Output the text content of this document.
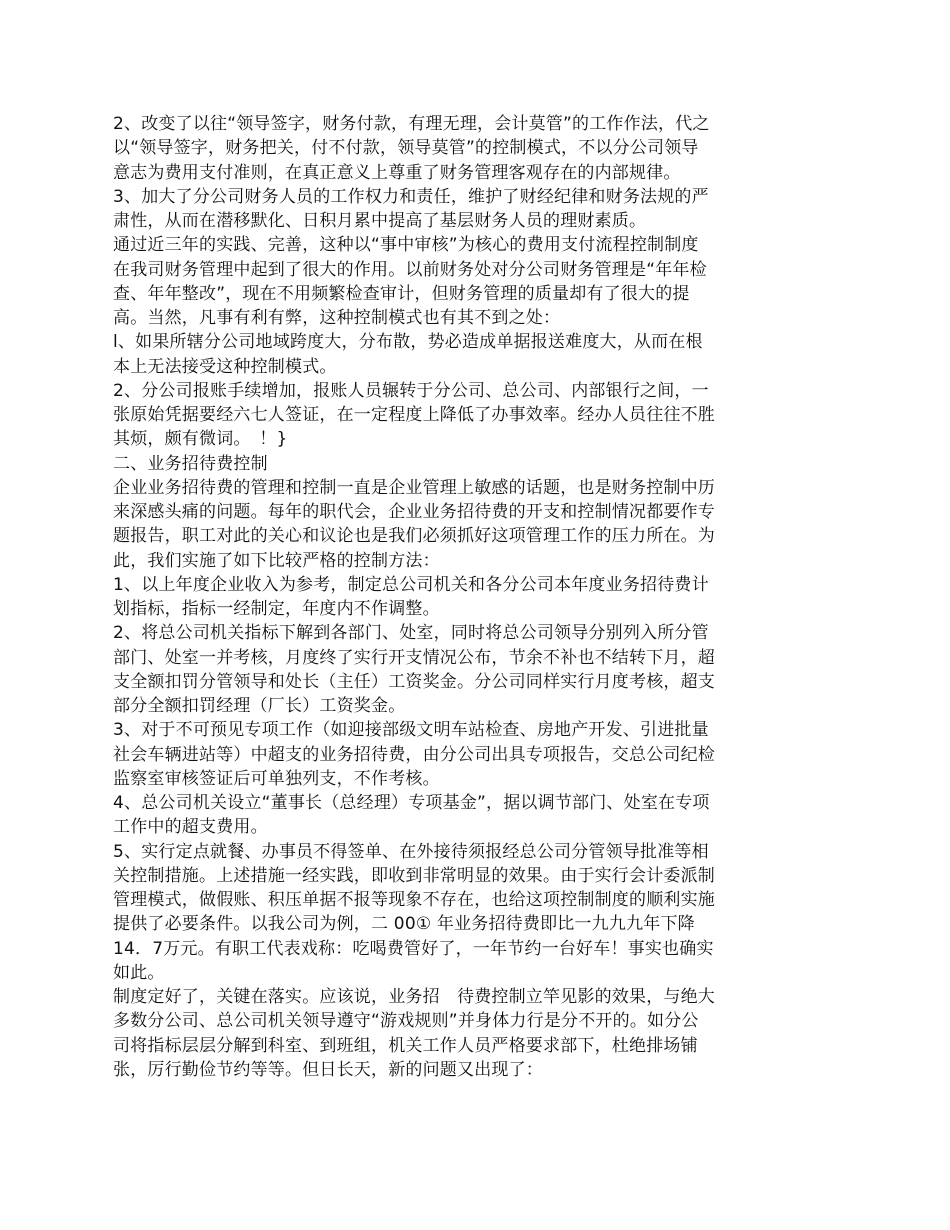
2、改变了以往“领导签字，财务付款，有理无理，会计莫管”的工作作法，代之
以“领导签字，财务把关，付不付款，领导莫管”的控制模式，不以分公司领导
意志为费用支付准则，在真正意义上尊重了财务管理客观存在的内部规律。
3、加大了分公司财务人员的工作权力和责任，维护了财经纪律和财务法规的严
肃性，从而在潜移默化、日积月累中提高了基层财务人员的理财素质。
通过近三年的实践、完善，这种以“事中审核”为核心的费用支付流程控制制度
在我司财务管理中起到了很大的作用。以前财务处对分公司财务管理是“年年检
查、年年整改”，现在不用频繁检查审计，但财务管理的质量却有了很大的提
高。当然，凡事有利有弊，这种控制模式也有其不到之处：
l、如果所辖分公司地域跨度大，分布散，势必造成单据报送难度大，从而在根
本上无法接受这种控制模式。
2、分公司报账手续增加，报账人员辗转于分公司、总公司、内部银行之间，一
张原始凭据要经六七人签证，在一定程度上降低了办事效率。经办人员往往不胜
其烦，颇有微词。　！}
二、业务招待费控制
企业业务招待费的管理和控制一直是企业管理上敏感的话题，也是财务控制中历
来深感头痛的问题。每年的职代会，企业业务招待费的开支和控制情况都要作专
题报告，职工对此的关心和议论也是我们必须抓好这项管理工作的压力所在。为
此，我们实施了如下比较严格的控制方法：
1、以上年度企业收入为参考，制定总公司机关和各分公司本年度业务招待费计
划指标，指标一经制定，年度内不作调整。
2、将总公司机关指标下解到各部门、处室，同时将总公司领导分别列入所分管
部门、处室一并考核，月度终了实行开支情况公布，节余不补也不结转下月，超
支全额扣罚分管领导和处长（主任）工资奖金。分公司同样实行月度考核，超支
部分全额扣罚经理（厂长）工资奖金。
3、对于不可预见专项工作（如迎接部级文明车站检查、房地产开发、引进批量
社会车辆进站等）中超支的业务招待费，由分公司出具专项报告，交总公司纪检
监察室审核签证后可单独列支，不作考核。
4、总公司机关设立“董事长（总经理）专项基金”，据以调节部门、处室在专项
工作中的超支费用。
5、实行定点就餐、办事员不得签单、在外接待须报经总公司分管领导批准等相
关控制措施。上述措施一经实践，即收到非常明显的效果。由于实行会计委派制
管理模式，做假账、积压单据不报等现象不存在，也给这项控制制度的顺利实施
提供了必要条件。以我公司为例，二 00① 年业务招待费即比一九九九年下降
14．7万元。有职工代表戏称：吃喝费管好了，一年节约一台好车！事实也确实
如此。
制度定好了，关键在落实。应该说，业务招　待费控制立竿见影的效果，与绝大
多数分公司、总公司机关领导遵守“游戏规则”并身体力行是分不开的。如分公
司将指标层层分解到科室、到班组，机关工作人员严格要求部下，杜绝排场铺
张，厉行勤俭节约等等。但日长天，新的问题又出现了：
